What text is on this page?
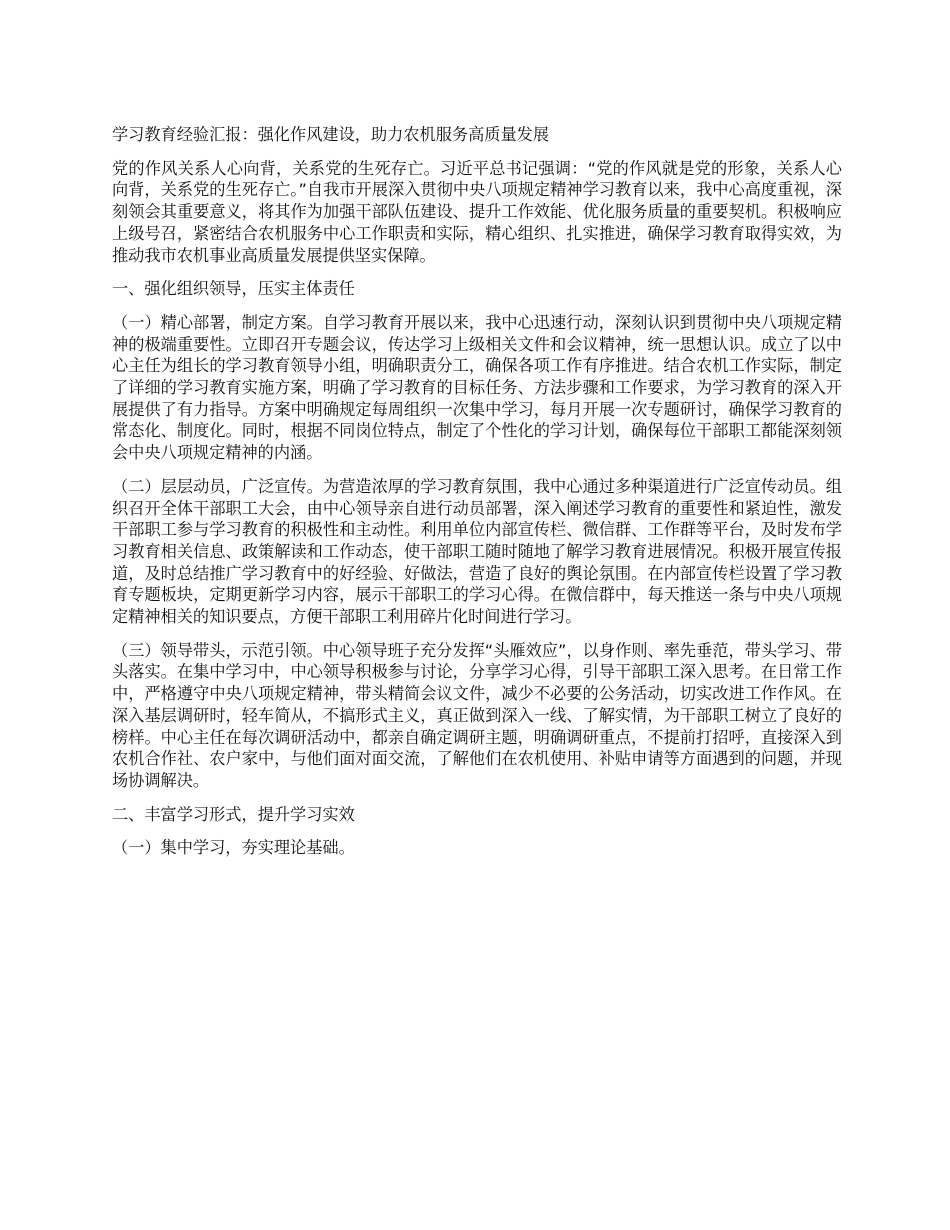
学习教育经验汇报：强化作风建设，助力农机服务高质量发展
党的作风关系人心向背，关系党的生死存亡。习近平总书记强调：“党的作风就是党的形象，关系人心向背，关系党的生死存亡。”自我市开展深入贯彻中央八项规定精神学习教育以来，我中心高度重视，深刻领会其重要意义，将其作为加强干部队伍建设、提升工作效能、优化服务质量的重要契机。积极响应上级号召，紧密结合农机服务中心工作职责和实际，精心组织、扎实推进，确保学习教育取得实效，为推动我市农机事业高质量发展提供坚实保障。
一、强化组织领导，压实主体责任
（一）精心部署，制定方案。自学习教育开展以来，我中心迅速行动，深刻认识到贯彻中央八项规定精神的极端重要性。立即召开专题会议，传达学习上级相关文件和会议精神，统一思想认识。成立了以中心主任为组长的学习教育领导小组，明确职责分工，确保各项工作有序推进。结合农机工作实际，制定了详细的学习教育实施方案，明确了学习教育的目标任务、方法步骤和工作要求，为学习教育的深入开展提供了有力指导。方案中明确规定每周组织一次集中学习，每月开展一次专题研讨，确保学习教育的常态化、制度化。同时，根据不同岗位特点，制定了个性化的学习计划，确保每位干部职工都能深刻领会中央八项规定精神的内涵。
（二）层层动员，广泛宣传。为营造浓厚的学习教育氛围，我中心通过多种渠道进行广泛宣传动员。组织召开全体干部职工大会，由中心领导亲自进行动员部署，深入阐述学习教育的重要性和紧迫性，激发干部职工参与学习教育的积极性和主动性。利用单位内部宣传栏、微信群、工作群等平台，及时发布学习教育相关信息、政策解读和工作动态，使干部职工随时随地了解学习教育进展情况。积极开展宣传报道，及时总结推广学习教育中的好经验、好做法，营造了良好的舆论氛围。在内部宣传栏设置了学习教育专题板块，定期更新学习内容，展示干部职工的学习心得。在微信群中，每天推送一条与中央八项规定精神相关的知识要点，方便干部职工利用碎片化时间进行学习。
（三）领导带头，示范引领。中心领导班子充分发挥“头雁效应”，以身作则、率先垂范，带头学习、带头落实。在集中学习中，中心领导积极参与讨论，分享学习心得，引导干部职工深入思考。在日常工作中，严格遵守中央八项规定精神，带头精简会议文件，减少不必要的公务活动，切实改进工作作风。在深入基层调研时，轻车简从，不搞形式主义，真正做到深入一线、了解实情，为干部职工树立了良好的榜样。中心主任在每次调研活动中，都亲自确定调研主题，明确调研重点，不提前打招呼，直接深入到农机合作社、农户家中，与他们面对面交流，了解他们在农机使用、补贴申请等方面遇到的问题，并现场协调解决。
二、丰富学习形式，提升学习实效
（一）集中学习，夯实理论基础。
